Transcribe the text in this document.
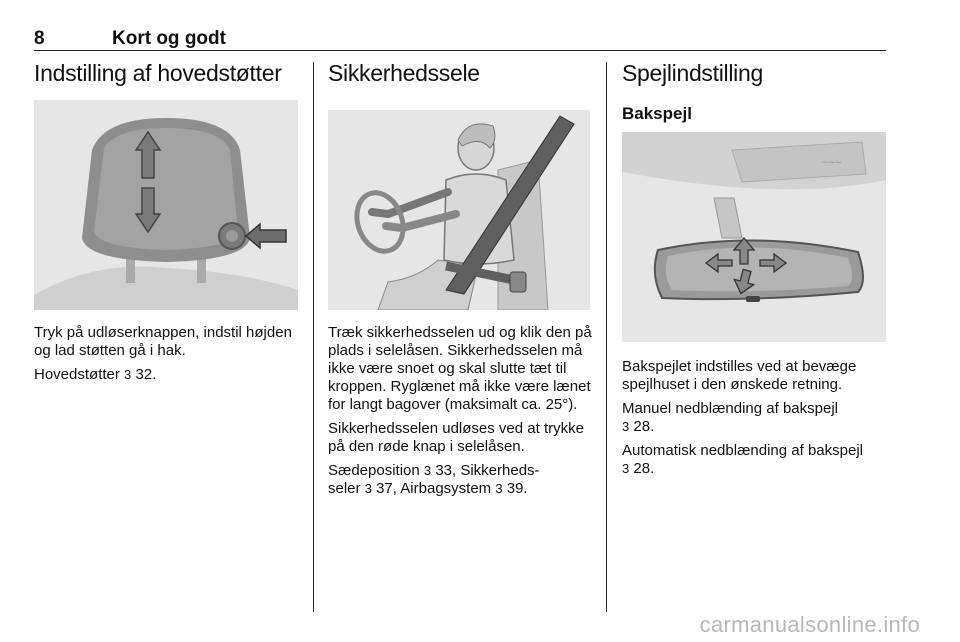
8	Kort og godt
Indstilling af hovedstøtter

Tryk på udløserknappen, indstil højden og lad støtten gå i hak.

Hovedstøtter 3 32.

Sikkerhedssele

Træk sikkerhedsselen ud og klik den på plads i selelåsen. Sikkerhedsselen må ikke være snoet og skal slutte tæt til kroppen. Ryglænet må ikke være lænet for langt bagover (maksimalt ca. 25°).

Sikkerhedsselen udløses ved at trykke på den røde knap i selelåsen.

Sædeposition 3 33, Sikkerheds-
seler 3 37, Airbagsystem 3 39.

Spejlindstilling
Bakspejl
~~~

Bakspejlet indstilles ved at bevæge spejlhuset i den ønskede retning.

Manuel nedblænding af bakspejl
3 28.

Automatisk nedblænding af bakspejl
3 28.

carmanualsonline.info
